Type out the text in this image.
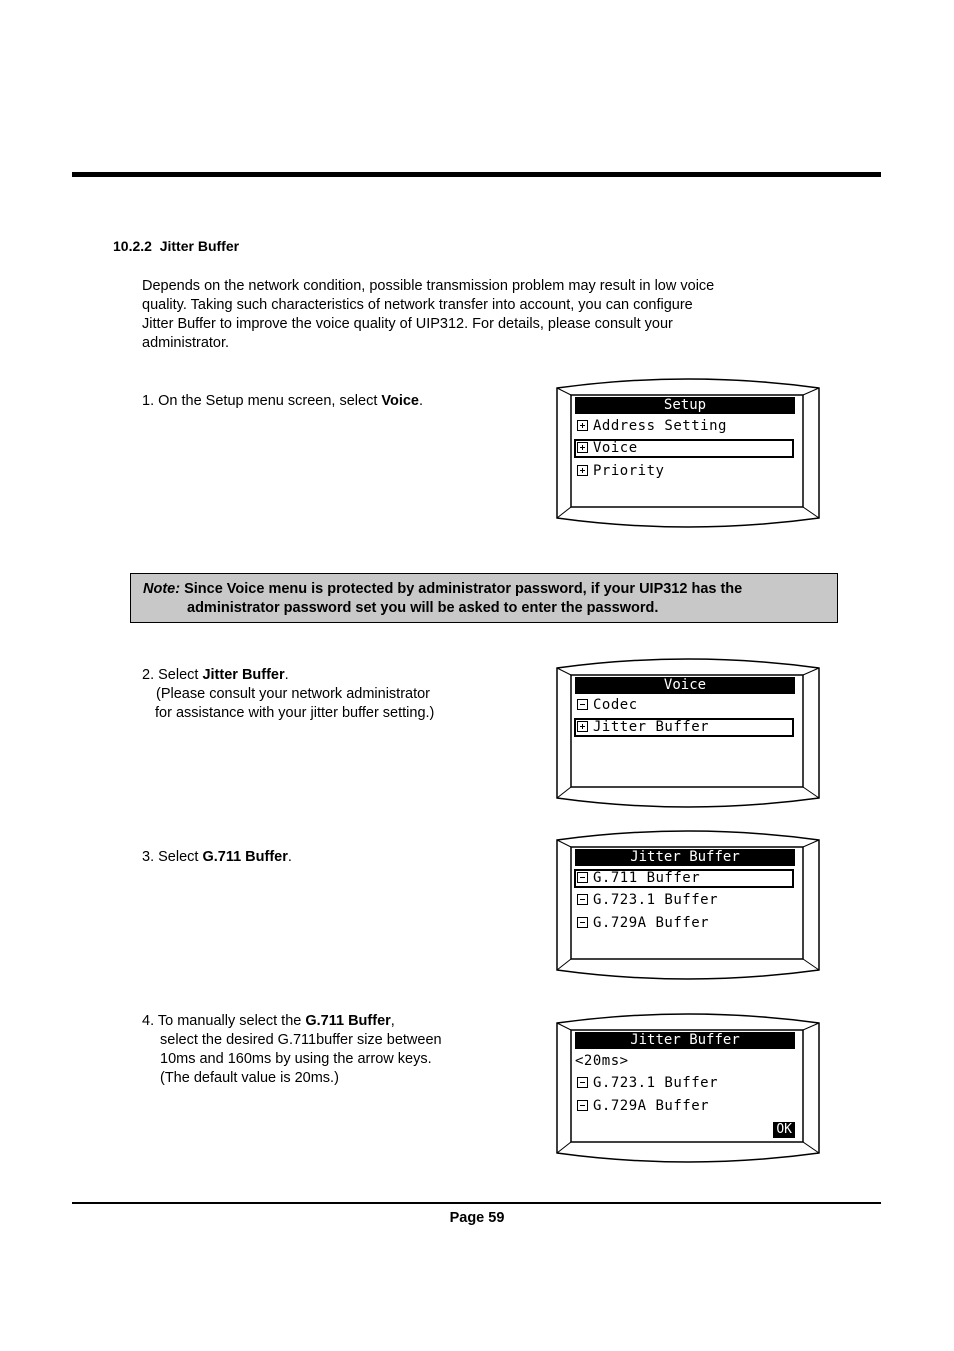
10.2.2 Jitter Buffer
Depends on the network condition, possible transmission problem may result in low voice
quality. Taking such characteristics of network transfer into account, you can configure
Jitter Buffer to improve the voice quality of UIP312. For details, please consult your
administrator.
1. On the Setup menu screen, select Voice.
Note: Since Voice menu is protected by administrator password, if your UIP312 has the
administrator password set you will be asked to enter the password.
2. Select Jitter Buffer.
(Please consult your network administrator
for assistance with your jitter buffer setting.)
3. Select G.711 Buffer.
4. To manually select the G.711 Buffer,
select the desired G.711buffer size between
10ms and 160ms by using the arrow keys.
(The default value is 20ms.)
Setup
Address Setting
Voice
Priority
Voice
Codec
Jitter Buffer
Jitter Buffer
G.711 Buffer
G.723.1 Buffer
G.729A Buffer
Jitter Buffer
<20ms>
G.723.1 Buffer
G.729A Buffer
OK
Page 59
